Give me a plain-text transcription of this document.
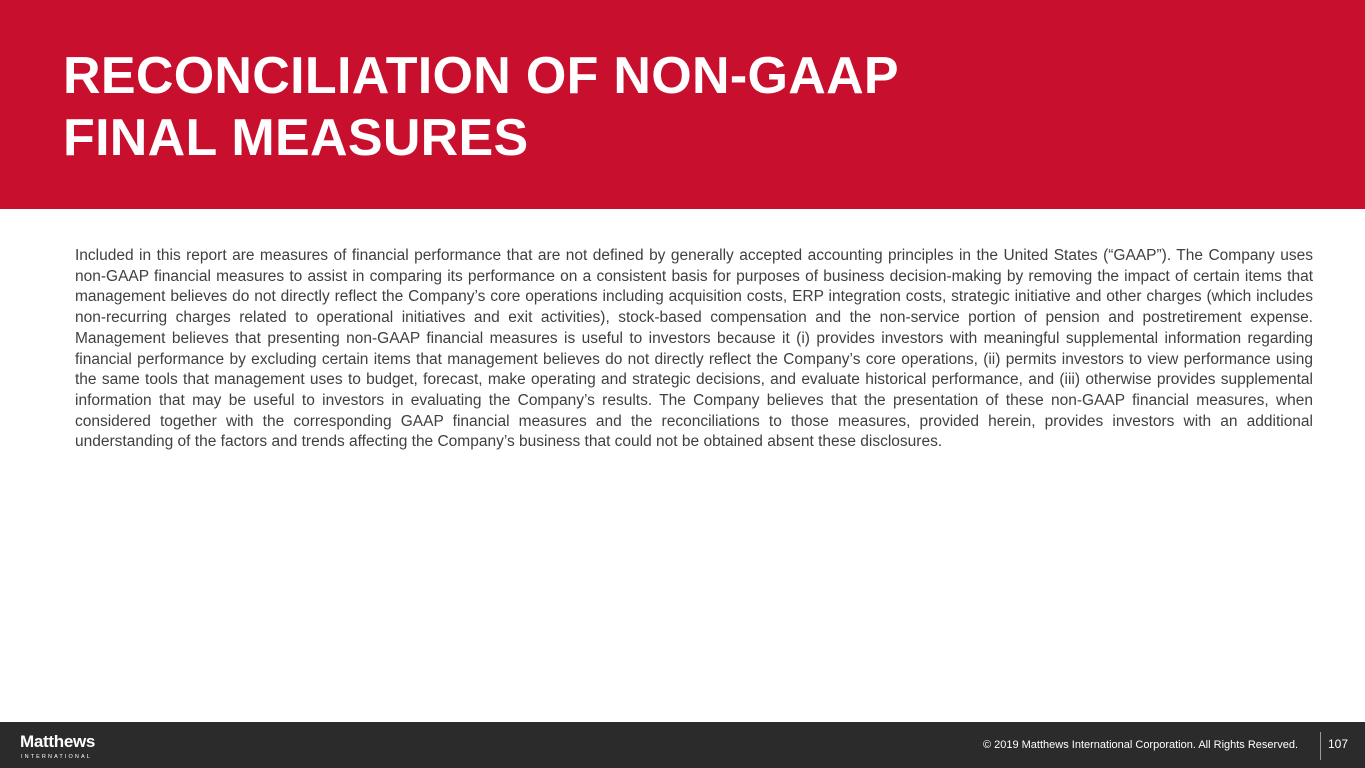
RECONCILIATION OF NON-GAAP
FINAL MEASURES

Included in this report are measures of financial performance that are not defined by generally accepted accounting principles in the United States (“GAAP”). The Company uses non-GAAP financial measures to assist in comparing its performance on a consistent basis for purposes of business decision-making by removing the impact of certain items that management believes do not directly reflect the Company’s core operations including acquisition costs, ERP integration costs, strategic initiative and other charges (which includes non-recurring charges related to operational initiatives and exit activities), stock-based compensation and the non-service portion of pension and postretirement expense. Management believes that presenting non-GAAP financial measures is useful to investors because it (i) provides investors with meaningful supplemental information regarding financial performance by excluding certain items that management believes do not directly reflect the Company’s core operations, (ii) permits investors to view performance using the same tools that management uses to budget, forecast, make operating and strategic decisions, and evaluate historical performance, and (iii) otherwise provides supplemental information that may be useful to investors in evaluating the Company’s results. The Company believes that the presentation of these non-GAAP financial measures, when considered together with the corresponding GAAP financial measures and the reconciliations to those measures, provided herein, provides investors with an additional understanding of the factors and trends affecting the Company’s business that could not be obtained absent these disclosures.

Matthews
INTERNATIONAL
© 2019 Matthews International Corporation. All Rights Reserved.	107
